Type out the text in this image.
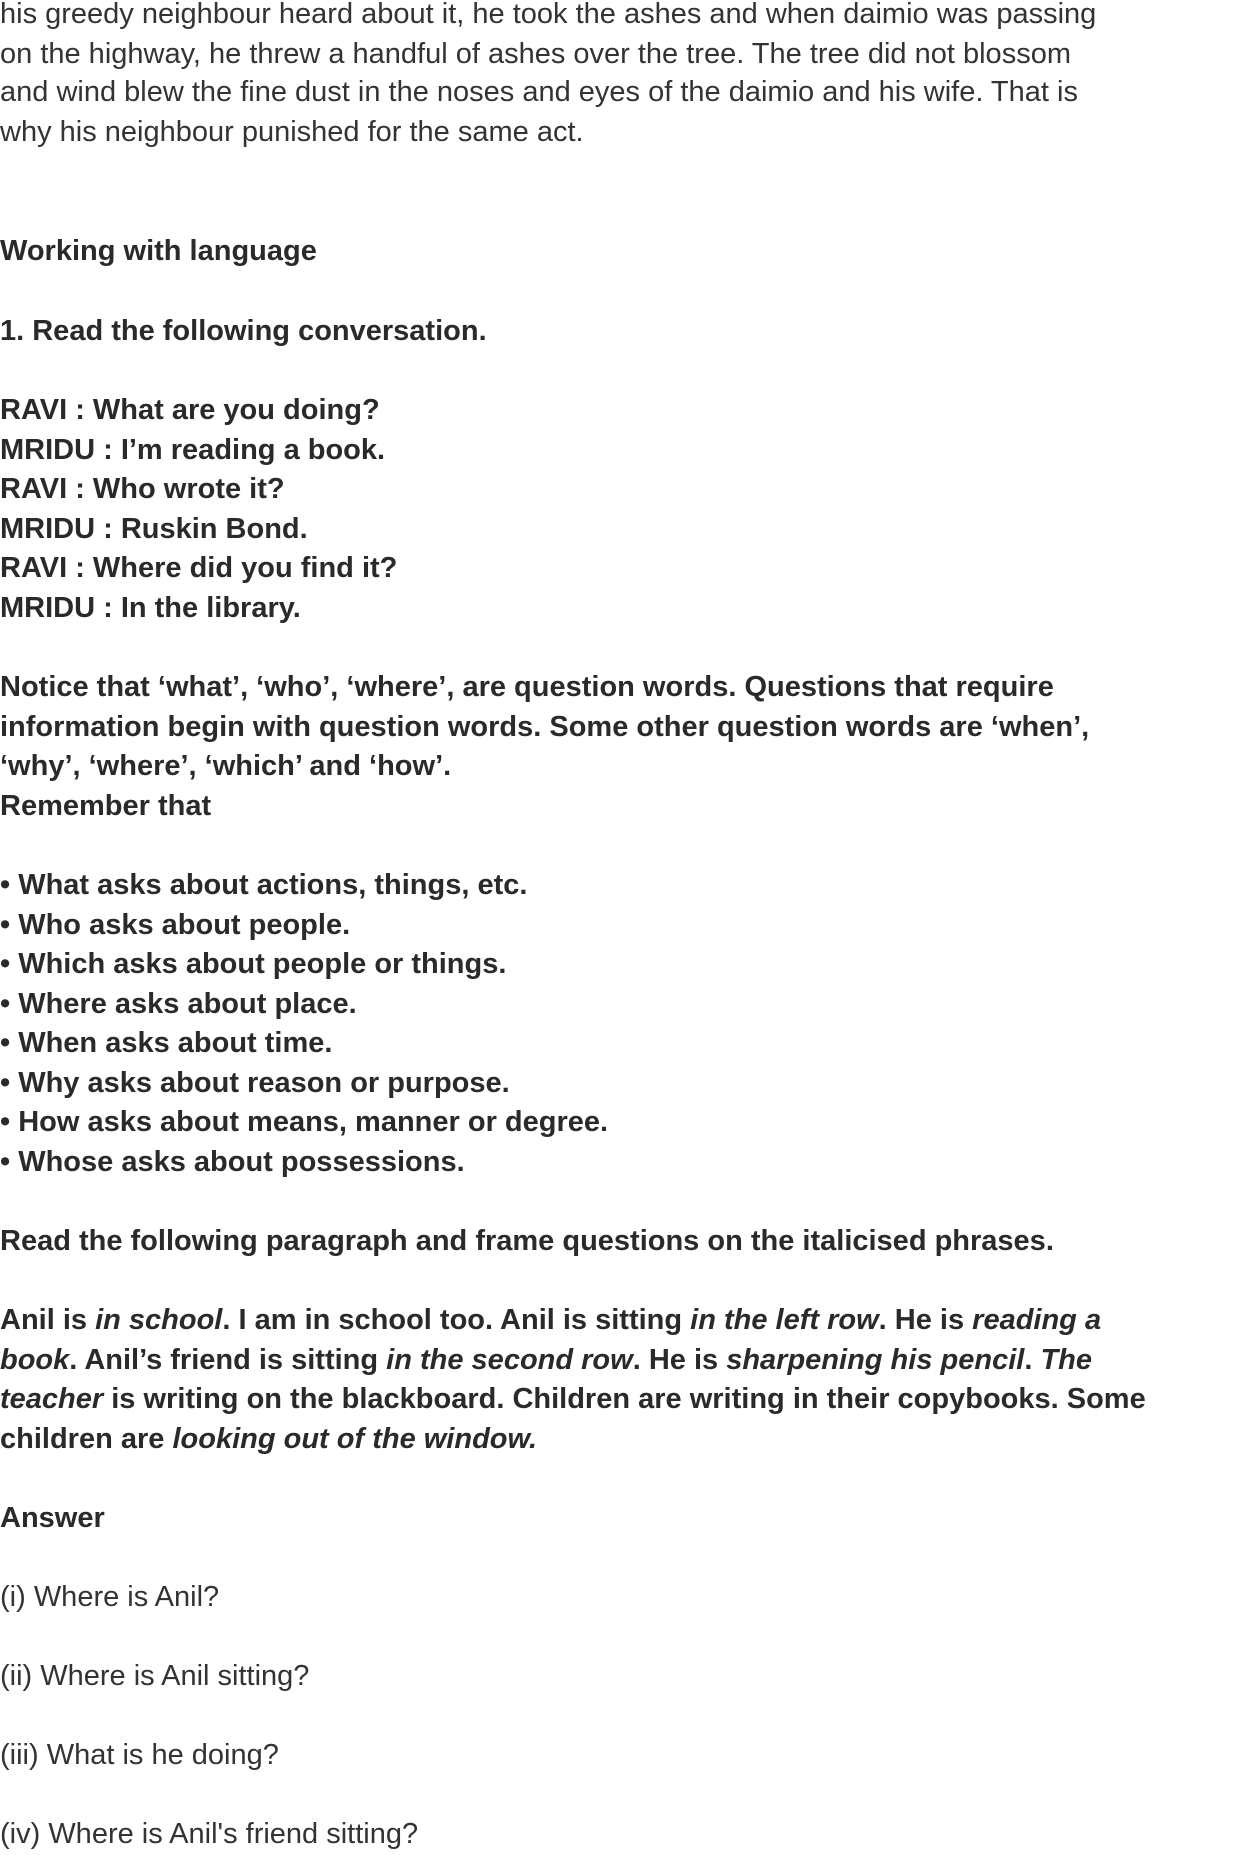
his greedy neighbour heard about it, he took the ashes and when daimio was passing

on the highway, he threw a handful of ashes over the tree. The tree did not blossom

and wind blew the fine dust in the noses and eyes of the daimio and his wife. That is

why his neighbour punished for the same act.

Working with language

1. Read the following conversation.

RAVI : What are you doing?

MRIDU : I’m reading a book.

RAVI : Who wrote it?

MRIDU : Ruskin Bond.

RAVI : Where did you find it?

MRIDU : In the library.

Notice that ‘what’, ‘who’, ‘where’, are question words. Questions that require

information begin with question words. Some other question words are ‘when’,

‘why’, ‘where’, ‘which’ and ‘how’.

Remember that

• What asks about actions, things, etc.

• Who asks about people.

• Which asks about people or things.

• Where asks about place.

• When asks about time.

• Why asks about reason or purpose.

• How asks about means, manner or degree.

• Whose asks about possessions.

Read the following paragraph and frame questions on the italicised phrases.

Anil is in school. I am in school too. Anil is sitting in the left row. He is reading a

book. Anil’s friend is sitting in the second row. He is sharpening his pencil. The

teacher is writing on the blackboard. Children are writing in their copybooks. Some

children are looking out of the window.

Answer

(i) Where is Anil?

(ii) Where is Anil sitting?

(iii) What is he doing?

(iv) Where is Anil's friend sitting?
